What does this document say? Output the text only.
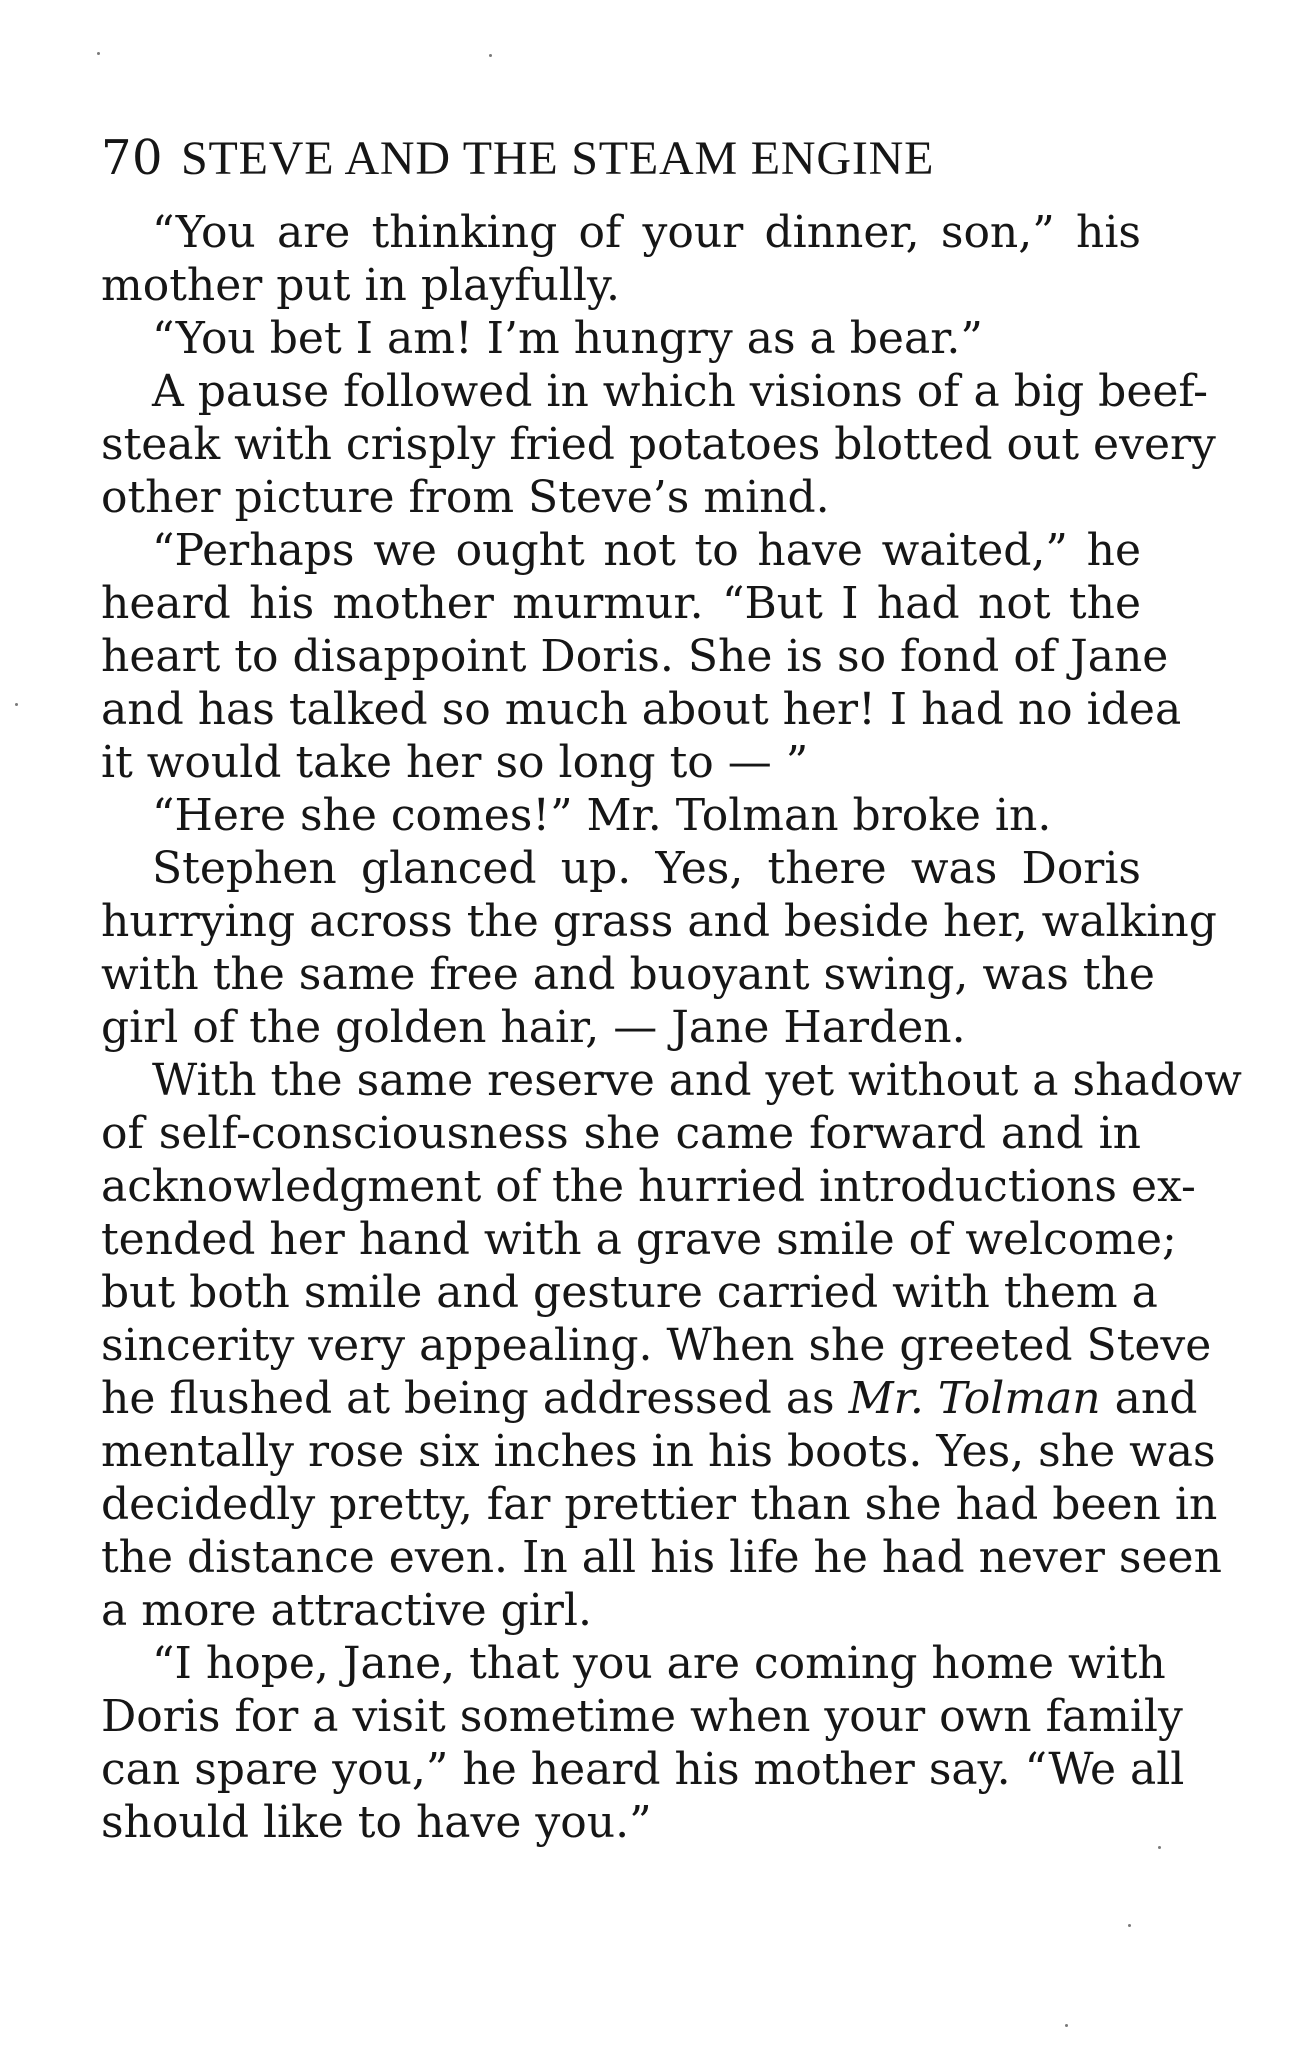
70 STEVE AND THE STEAM ENGINE
“You are thinking of your dinner, son,” his
mother put in playfully.
“You bet I am! I’m hungry as a bear.”
A pause followed in which visions of a big beef-
steak with crisply fried potatoes blotted out every
other picture from Steve’s mind.
“Perhaps we ought not to have waited,” he
heard his mother murmur. “But I had not the
heart to disappoint Doris. She is so fond of Jane
and has talked so much about her! I had no idea
it would take her so long to — ”
“Here she comes!” Mr. Tolman broke in.
Stephen glanced up. Yes, there was Doris
hurrying across the grass and beside her, walking
with the same free and buoyant swing, was the
girl of the golden hair, — Jane Harden.
With the same reserve and yet without a shadow
of self-consciousness she came forward and in
acknowledgment of the hurried introductions ex-
tended her hand with a grave smile of welcome;
but both smile and gesture carried with them a
sincerity very appealing. When she greeted Steve
he flushed at being addressed as Mr. Tolman and
mentally rose six inches in his boots. Yes, she was
decidedly pretty, far prettier than she had been in
the distance even. In all his life he had never seen
a more attractive girl.
“I hope, Jane, that you are coming home with
Doris for a visit sometime when your own family
can spare you,” he heard his mother say. “We all
should like to have you.”
